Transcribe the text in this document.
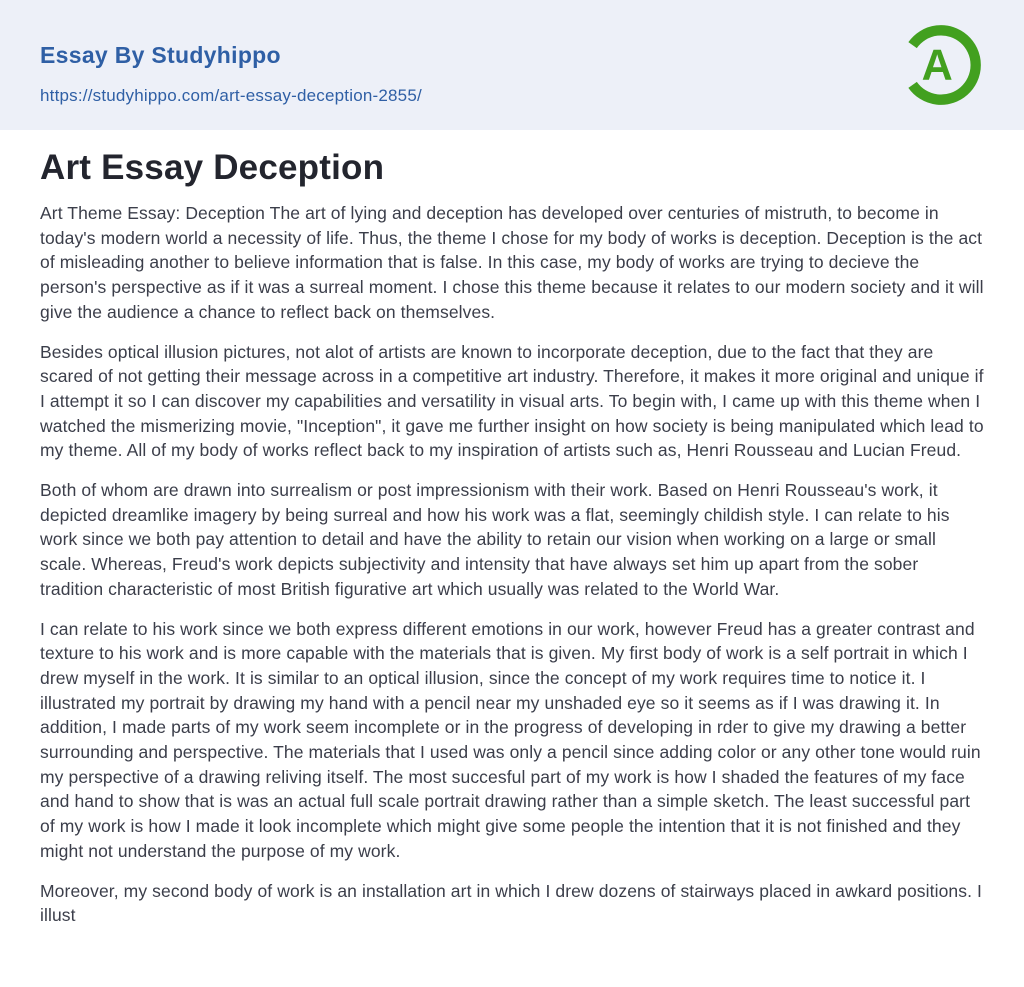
Essay By Studyhippo
https://studyhippo.com/art-essay-deception-2855/
A
Art Essay Deception

Art Theme Essay: Deception The art of lying and deception has developed over centuries of mistruth, to become in today's modern world a necessity of life. Thus, the theme I chose for my body of works is deception. Deception is the act of misleading another to believe information that is false. In this case, my body of works are trying to decieve the person's perspective as if it was a surreal moment. I chose this theme because it relates to our modern society and it will give the audience a chance to reflect back on themselves.

Besides optical illusion pictures, not alot of artists are known to incorporate deception, due to the fact that they are scared of not getting their message across in a competitive art industry. Therefore, it makes it more original and unique if I attempt it so I can discover my capabilities and versatility in visual arts. To begin with, I came up with this theme when I watched the mismerizing movie, "Inception", it gave me further insight on how society is being manipulated which lead to my theme. All of my body of works reflect back to my inspiration of artists such as, Henri Rousseau and Lucian Freud.

Both of whom are drawn into surrealism or post impressionism with their work. Based on Henri Rousseau's work, it depicted dreamlike imagery by being surreal and how his work was a flat, seemingly childish style. I can relate to his work since we both pay attention to detail and have the ability to retain our vision when working on a large or small scale. Whereas, Freud's work depicts subjectivity and intensity that have always set him up apart from the sober tradition characteristic of most British figurative art which usually was related to the World War.

I can relate to his work since we both express different emotions in our work, however Freud has a greater contrast and texture to his work and is more capable with the materials that is given. My first body of work is a self portrait in which I drew myself in the work. It is similar to an optical illusion, since the concept of my work requires time to notice it. I illustrated my portrait by drawing my hand with a pencil near my unshaded eye so it seems as if I was drawing it. In addition, I made parts of my work seem incomplete or in the progress of developing in rder to give my drawing a better surrounding and perspective. The materials that I used was only a pencil since adding color or any other tone would ruin my perspective of a drawing reliving itself. The most succesful part of my work is how I shaded the features of my face and hand to show that is was an actual full scale portrait drawing rather than a simple sketch. The least successful part of my work is how I made it look incomplete which might give some people the intention that it is not finished and they might not understand the purpose of my work.

Moreover, my second body of work is an installation art in which I drew dozens of stairways placed in awkard positions. I illust
